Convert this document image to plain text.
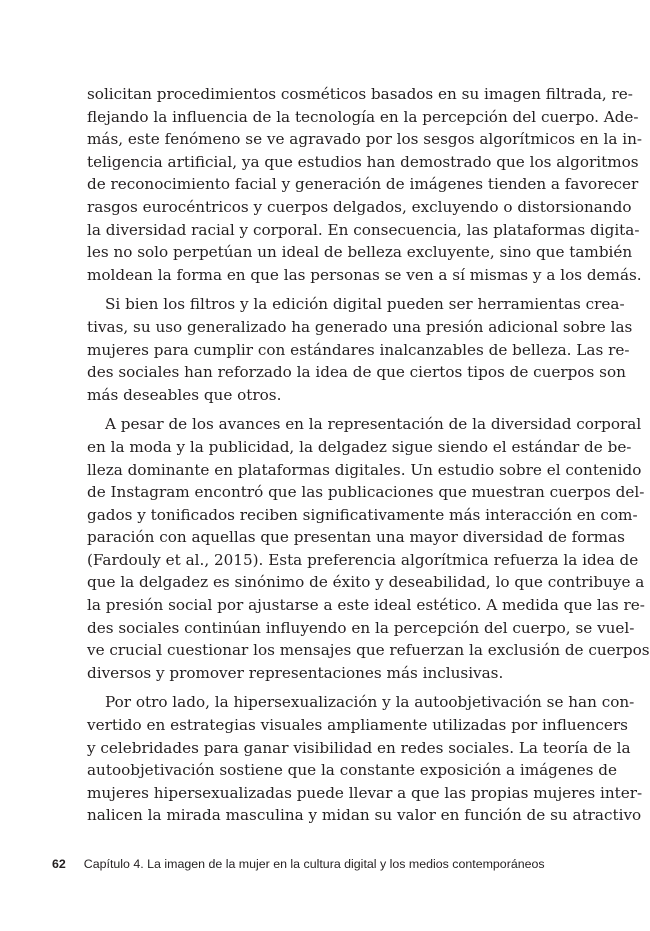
solicitan procedimientos cosméticos basados en su imagen filtrada, re-
flejando la influencia de la tecnología en la percepción del cuerpo. Ade-
más, este fenómeno se ve agravado por los sesgos algorítmicos en la in-
teligencia artificial, ya que estudios han demostrado que los algoritmos
de reconocimiento facial y generación de imágenes tienden a favorecer
rasgos eurocéntricos y cuerpos delgados, excluyendo o distorsionando
la diversidad racial y corporal. En consecuencia, las plataformas digita-
les no solo perpetúan un ideal de belleza excluyente, sino que también
moldean la forma en que las personas se ven a sí mismas y a los demás.
Si bien los filtros y la edición digital pueden ser herramientas crea-
tivas, su uso generalizado ha generado una presión adicional sobre las
mujeres para cumplir con estándares inalcanzables de belleza. Las re-
des sociales han reforzado la idea de que ciertos tipos de cuerpos son
más deseables que otros.
A pesar de los avances en la representación de la diversidad corporal
en la moda y la publicidad, la delgadez sigue siendo el estándar de be-
lleza dominante en plataformas digitales. Un estudio sobre el contenido
de Instagram encontró que las publicaciones que muestran cuerpos del-
gados y tonificados reciben significativamente más interacción en com-
paración con aquellas que presentan una mayor diversidad de formas
(Fardouly et al., 2015). Esta preferencia algorítmica refuerza la idea de
que la delgadez es sinónimo de éxito y deseabilidad, lo que contribuye a
la presión social por ajustarse a este ideal estético. A medida que las re-
des sociales continúan influyendo en la percepción del cuerpo, se vuel-
ve crucial cuestionar los mensajes que refuerzan la exclusión de cuerpos
diversos y promover representaciones más inclusivas.
Por otro lado, la hipersexualización y la autoobjetivación se han con-
vertido en estrategias visuales ampliamente utilizadas por influencers
y celebridades para ganar visibilidad en redes sociales. La teoría de la
autoobjetivación sostiene que la constante exposición a imágenes de
mujeres hipersexualizadas puede llevar a que las propias mujeres inter-
nalicen la mirada masculina y midan su valor en función de su atractivo
62 Capítulo 4. La imagen de la mujer en la cultura digital y los medios contemporáneos
